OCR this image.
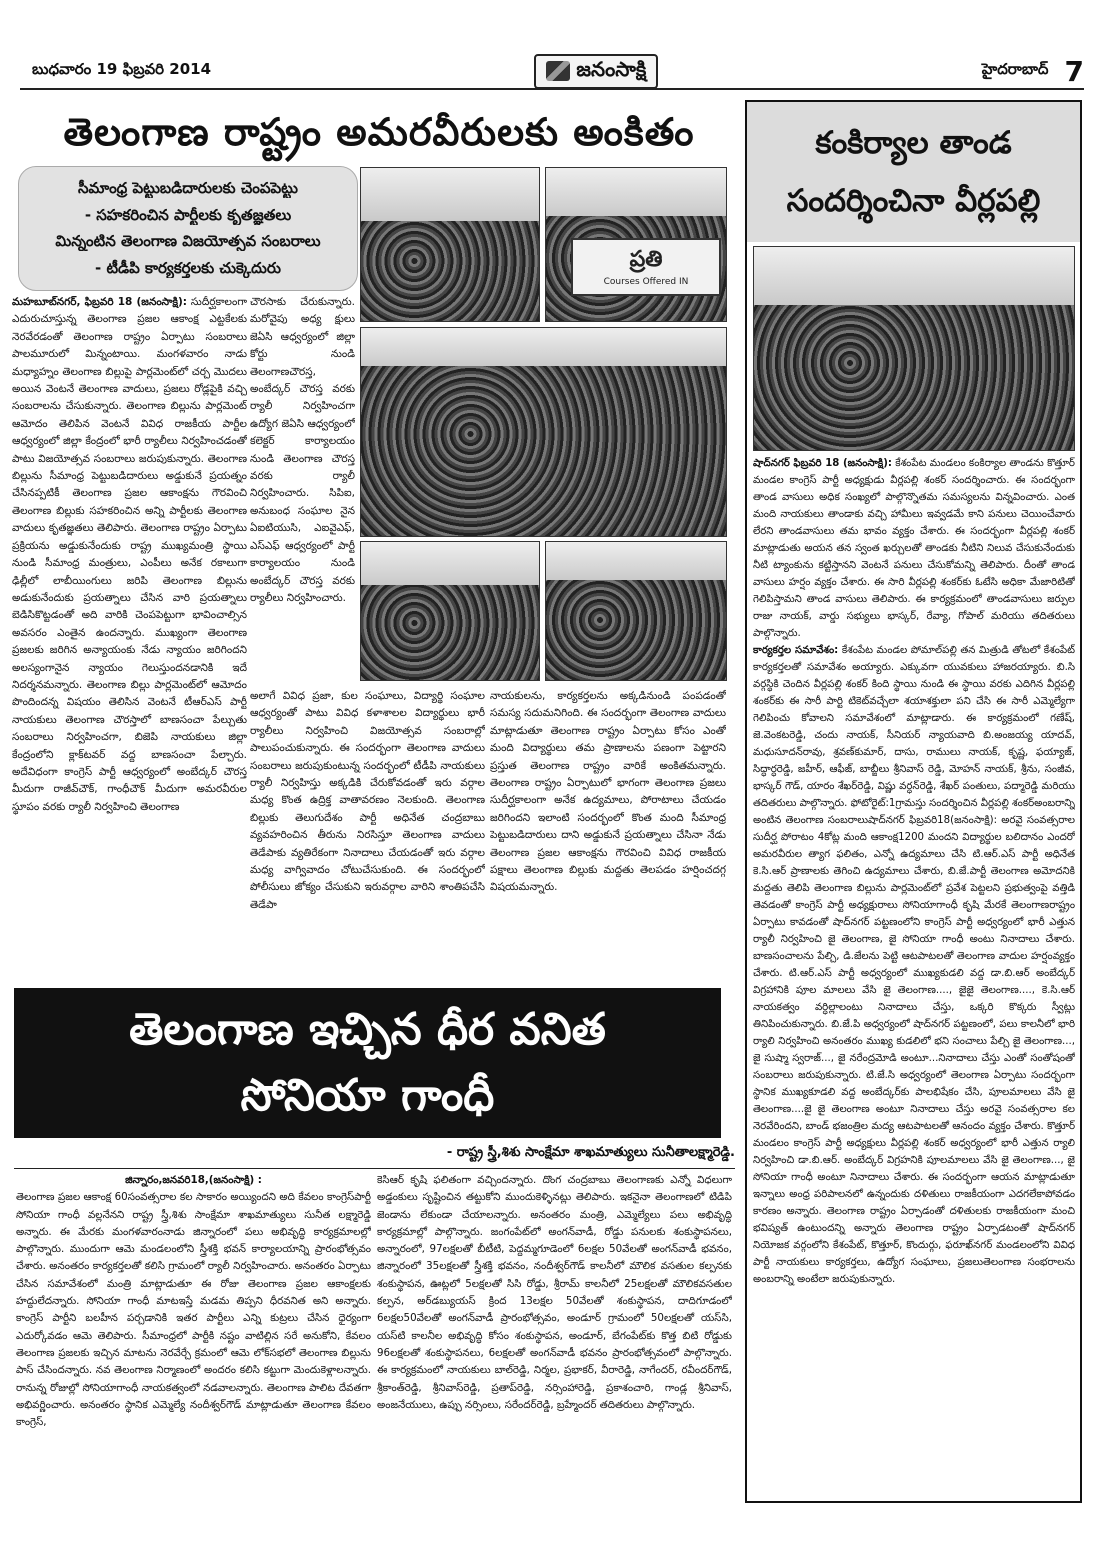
బుధవారం 19 ఫిబ్రవరి 2014	జనంసాక్షి	హైదరాబాద్ 7
తెలంగాణ రాష్ట్రం అమరవీరులకు అంకితం
సీమాంధ్ర పెట్టుబడిదారులకు చెంపపెట్టు
- సహకరించిన పార్టీలకు కృతజ్ఞతలు
మిన్నంటిన తెలంగాణ విజయోత్సవ సంబరాలు
- టీడీపి కార్యకర్తలకు చుక్కెదురు	ప్రతి
Courses Offered IN
మహబూబ్‌నగర్, ఫిబ్రవరి 18 (జనంసాక్షి): సుదీర్ఘకాలంగా ఎదురుచూస్తున్న తెలంగాణ ప్రజల ఆకాంక్ష ఎట్టకేలకు నెరవేరడంతో తెలంగాణ రాష్ట్రం ఏర్పాటు సంబరాలు పాలమూరులో మిన్నంటాయి. మంగళవారం నాడు మధ్యాహ్నం తెలంగాణ బిల్లుపై పార్లమెంట్‌లో చర్చ మొదలు అయిన వెంటనే తెలంగాణ వాదులు, ప్రజలు రోడ్లపైకి వచ్చి సంబరాలను చేసుకున్నారు. తెలంగాణ బిల్లును పార్లమెంట్ ఆమోదం తెలిపిన వెంటనే వివిధ రాజకీయ పార్టీల ఆధ్వర్యంలో జిల్లా కేంద్రంలో భారీ ర్యాలీలు నిర్వహించడంతో పాటు విజయోత్సవ సంబరాలు జరుపుకున్నారు. తెలంగాణ బిల్లును సీమాంధ్ర పెట్టుబడిదారులు అడ్డుకునే ప్రయత్నం చేసినప్పటికీ తెలంగాణ ప్రజల ఆకాంక్షను గౌరవించి తెలంగాణ బిల్లుకు సహకరించిన అన్ని పార్టీలకు తెలంగాణ వాదులు కృతజ్ఞతలు తెలిపారు. తెలంగాణ రాష్ట్రం ఏర్పాటు ప్రక్రియను అడ్డుకునేందుకు రాష్ట్ర ముఖ్యమంత్రి స్థాయి నుండి సీమాంధ్ర మంత్రులు, ఎంపీలు అనేక రకాలుగా ఢిల్లీలో లాబీయింగులు జరిపి తెలంగాణ బిల్లును అడుకునేందుకు ప్రయత్నాలు చేసిన వారి ప్రయత్నాలు బెడిసికొట్టడంతో అది వారికి చెంపపెట్టుగా భావించాల్సిన అవసరం ఎంతైన ఉందన్నారు. ముఖ్యంగా తెలంగాణ ప్రజలకు జరిగిన అన్యాయంకు నేడు న్యాయం జరిగిందని అలస్యంగానైన న్యాయం గెలుస్తుందనడానికి ఇదే నిదర్శనమన్నారు. తెలంగాణ బిల్లు పార్లమెంట్‌లో ఆమోదం పొందిందన్న విషయం తెలిసిన వెంటనే టీఆర్ఎస్ పార్టీ నాయకులు తెలంగాణ చౌరస్తాలో బాణసంచా పేల్చుతు సంబరాలు నిర్వహించగా, బిజెపి నాయకులు జిల్లా కేంద్రంలోని క్లాక్‌టవర్ వద్ద బాణసంచా పేల్చారు. అదేవిధంగా కాంగ్రెస్ పార్టీ ఆధ్వర్యంలో అంబేద్కర్ చౌరస్త మీదుగా రాజీవ్‌చౌక్, గాంధీచౌక్ మీదుగా అమరవీరుల స్థూపం వరకు ర్యాలీ నిర్వహించి తెలంగాణ
చౌరసాకు చేరుకున్నారు. మరోవైపు అధ్య క్షులు జెఏసి ఆధ్వర్యంలో జిల్లా కోర్టు నుండి తెలంగాణచౌరస్త, అంబేద్కర్ చౌరస్త వరకు ర్యాలీ నిర్వహించగా ఉద్యోగ జెఏసి ఆధ్వర్యంలో కలెక్టర్ కార్యాలయం నుండి తెలంగాణ చౌరస్త వరకు ర్యాలీ నిర్వహించారు. సిపిఐ, అనుబంధ సంఘాల నైన ఏఐటియుసి, ఎఐవైఎఫ్, ఎస్ఎఫ్ ఆధ్వర్యంలో పార్టీ కార్యాలయం నుండి అంబేద్కర్ చౌరస్త వరకు ర్యాలీలు నిర్వహించారు.
అలాగే వివిధ ప్రజా, కుల సంఘాలు, విద్యార్థి సంఘాల ఆధ్వర్యంతో పాటు వివిధ కళాశాలల విద్యార్థులు భారీ ర్యాలీలు నిర్వహించి విజయోత్సవ సంబరాల్లో పాలుపంచుకున్నారు. ఈ సందర్భంగా తెలంగాణ వాదులు సంబరాలు జరుపుకుంటున్న సందర్భంలో టీడీపి నాయకులు ర్యాలీ నిర్వహిస్తు అక్కడికి చేరుకోవడంతో ఇరు వర్గాల మధ్య కొంత ఉద్రిక్త వాతావరణం నెలకుంది. తెలంగాణ బిల్లుకు తెలుగుదేశం పార్టీ అధినేత చంద్రబాబు వ్యవహరించిన తీరును నిరసిస్తూ తెలంగాణ వాదులు తెడేపాకు వ్యతిరేకంగా నినాదాలు చేయడంతో ఇరు వర్గాల మధ్య వాగ్వివాదం చోటుచేసుకుంది. ఈ సందర్భంలో పోలీసులు జోక్యం చేసుకుని ఇరువర్గాల వారిని శాంతిపచేసి తెడేపా
నాయకులను, కార్యకర్తలను అక్కడినుండి పంపడంతో సమస్య సదుమనిగింది. ఈ సందర్భంగా తెలంగాణ వాదులు మాట్లాడుతూ తెలంగాణ రాష్ట్రం ఏర్పాటు కోసం ఎంతో మంది విద్యార్థులు తమ ప్రాణాలను పణంగా పెట్టారని ప్రస్తుత తెలంగాణ రాష్ట్రం వారికే అంకితమన్నారు. తెలంగాణ రాష్ట్రం ఏర్పాటులో భాగంగా తెలంగాణ ప్రజలు సుదీర్ఘకాలంగా అనేక ఉద్యమాలు, పోరాటాలు చేయడం జరిగిందని ఇలాంటి సందర్భంలో కొంత మంది సీమాంధ్ర పెట్టుబడిదారులు దాని అడ్డుకునే ప్రయత్నాలు చేసినా నేడు తెలంగాణ ప్రజల ఆకాంక్షను గౌరవించి వివిధ రాజకీయ పక్షాలు తెలంగాణ బిల్లుకు మద్దతు తెలపడం హర్షించదగ్గ విషయమన్నారు.
కంకిర్యాల తాండ
సందర్శించినా వీర్లపల్లి
షాద్‌నగర్ ఫిబ్రవరి 18 (జనంసాక్షి): కేశంపేట మండలం కంకిర్యాల తాండను కొత్తూర్ మండల కాంగ్రెస్ పార్టీ అధ్యక్షుడు వీర్లపల్లి శంకర్ సందర్శించారు. ఈ సందర్భంగా తాండ వాసులు అధిక సంఖ్యలో పాల్గొన్నొతమ సమస్యలను విన్నవించారు. ఎంత మంది నాయకులు తాండాకు వచ్చి హామీలు ఇవ్వడమే కాని పనులు చెయించేవారు లేరని తాండవాసులు తమ భావం వ్యక్తం చేశారు. ఈ సందర్భంగా వీర్లపల్లి శంకర్ మాట్లాడుతు అయన తన స్వంత ఖర్చులతో తాండకు నీటిని నిలువ చేసుకునేందుకు నీటి ట్యాంకును కట్టిస్తానని వెంటనే పనులు చేసుకోమన్ని తెలిపారు. దీంతో తాండ వాసులు హర్షం వ్యక్తం చేశారు. ఈ సారి వీర్లపల్లి శంకర్‌కు ఓటేసి అధికా మేజారిటితో గెలిపిస్తామని తాండ వాసులు తెలిపారు. ఈ కార్యక్రమంలో తాండవాసులు జర్పుల రాజు నాయక్, వార్డు సభ్యులు భాస్కర్, రేవ్యా, గోపాల్ మరియు తదితరులు పాల్గొన్నారు.
కార్యకర్తల సమావేశం: కేశంపేట మండల పోమాల్‌పల్లి తన మిత్రుడి తోటలో కేశంపేట్ కార్యకర్తలతో సమావేశం అయ్యారు. ఎక్కువగా యువకులు హాజరయ్యారు. బి.సి వర్గస్థికి చెందిన వీర్లపల్లి శంకర్ కింది స్థాయి నుండి ఈ స్థాయి వరకు ఎదిగిన వీర్లపల్లి శంకర్‌కు ఈ సారీ పార్టి టికెట్‌వచ్చేలా శయాశక్తులా పని చేసి ఈ సారీ ఎమ్మెల్యేగా గెలిపించు కోవాలని సమావేశంలో మాట్లాడారు. ఈ కార్యక్రమంలో గణేష్, జె.వెంకటరెడ్డి, చందు నాయక్, సీనియర్ న్యాయవాది బి.అంజయ్య యాదవ్, మధుసూదన్‌రావు, శ్రవణ్‌కుమార్, దాసు, రాములు నాయక్, కృష్ణ, ఫయ్యాజ్, సిద్ధార్ధరెడ్డి, జహీర్, ఆఫీజ్, బాబ్జీలు శ్రీనివాస్ రెడ్డి, మోహన్ నాయక్, శ్రీను, సంజీవ, భాస్కర్ గౌడ్, యారం శేఖర్‌రెడ్డి, విష్ణు వర్ధన్‌రెడ్డి, శేఖర్ పంతులు, పద్మారెడ్డి మరియు తదితరులు పాల్గొన్నారు. ఫోటోరైట్:1గ్రామస్తు సందర్శించిన వీర్లపల్లి శంకర్‌అంబరాన్ని అంటిన తెలంగాణ సంబరాలుషాద్‌నగర్ ఫిబ్రవరి18(జనంసాక్షి): అరవై సంవత్సరాల సుదీర్ఘ పోరాటం 4కోట్ల మంది ఆకాంక్ష1200 మందని విద్యార్థుల బలిదానం ఎందరో అమరవీరుల త్యాగ ఫలితం, ఎన్నో ఉద్యమాలు చేసి టి.ఆర్.ఎస్ పార్టీ అధినేత కె.సి.ఆర్ ప్రాణాలకు తెగించి ఉద్యమాలు చేశారు, బి.జే.పార్టీ తెలంగాణ అమోదనికి మద్దతు తెలిపి తెలంగాణ బిల్లును పార్లమెంట్‌లో ప్రవేశ పెట్టలని ప్రభుత్వంపై వత్తిడి తెవడంతో కాంగ్రెస్ పార్టీ అధ్యక్షురాలు సోనియాగాంధీ కృషి మేరకే తెలంగాణరాష్ట్రం ఏర్పాటు కావడంతో షాద్‌నగర్ పట్టణంలోని కాంగ్రెస్ పార్టీ అధ్వర్యంలో భారీ ఎత్తున ర్యాలీ నిర్వహించి జై తెలంగాణ, జై సోనియా గాంధీ అంటు నినాదాలు చేశారు. బాణసంచాలను పేల్చి, డి.జేలను పెట్టి ఆటపాటలతో తెలంగాణ వాదుల హర్షంవ్యక్తం చేశారు. టి.ఆర్.ఎస్ పార్టీ అధ్వర్యంలో ముఖ్యకుడలి వద్ద డా.బి.ఆర్ అంబేద్కర్ విగ్రహానికి పూల మాలలు వేసి జై తెలంగాణ...., జైజై తెలంగాణ...., కె.సి.ఆర్ నాయకత్వం వర్ధిల్లాలంటు నినాదాలు చేస్తు, ఒక్కరి కొక్కరు స్వీట్లు తినిపించుకున్నారు. బి.జే.పి అధ్వర్యంలో షాద్‌నగర్ పట్టణంలో, పలు కాలనీలో భారి ర్యాలి నిర్వహించి అనంతరం ముఖ్య కుడలిలో భని సంచాలు పేల్చి జై తెలంగాణ..., జై సుష్మా స్వరాజ్..., జై నరేంద్రమోడి అంటూ...నినాదాలు చేస్తు ఎంతో సంతోషంతో సంబరాలు జరుపుకున్నారు. టి.జే.సి అధ్వర్యంలో తెలంగాణ ఏర్పాటు సందర్భంగా స్థానిక ముఖ్యకూడలి వద్ద అంబేద్కర్‌కు పాలభిషేకం చేసి, పూలమాలలు వేసి జై తెలంగాణ....జై జై తెలంగాణ అంటూ నినాదాలు చేస్తు అరవై సంవత్సరాల కల నెరవేరిందని, బాండ్ భజంత్రిల మద్య ఆటపాటలతో ఆనందం వ్యక్తం చేశారు. కొత్తూర్ మండలం కాంగ్రెస్ పార్టీ అధ్యక్షులు వీర్లపల్లి శంకర్ అధ్వర్యంలో భారీ ఎత్తున ర్యాలి నిర్వహించి డా.బి.ఆర్. అంబేద్కర్ విగ్రహనికి పూలమాలలు వేసి జై తెలంగాణ..., జై సోనియా గాంధీ అంటూ నినాదాలు చేశారు. ఈ సందర్భంగా ఆయన మాట్లాడుతూ ఇన్నాలు అంధ్ర పరిపాలనలో ఉన్నందుకు దళితులు రాజకీయంగా ఎదగలేకాపోవడం కారణం అన్నారు. తెలంగాణ రాష్ట్రం ఏర్పాడంతో దళితులకు రాజకీయంగా మంచి భవిష్యత్ ఉంటుందన్ని అన్నారు తెలంగాణ రాష్ట్రం ఏర్పాడటంతో షాద్‌నగర్ నియోజక వర్గంలోని కేశంపేట్, కొత్తూర్, కొందుర్గు, ఫరూఖ్‌నగర్ మండలంలోని వివిధ పార్టీ నాయకులు కార్యకర్తలు, ఉద్యోగ సంఘాలు, ప్రజలుతెలంగాణ సంభరాలను అంబరాన్ని అంటేలా జరుపుకున్నారు.
తెలంగాణ ఇచ్చిన ధీర వనిత
సోనియా గాంధీ
- రాష్ట్ర స్త్రీ,శిశు సాంక్షేమా శాఖమాత్యులు సునీతాలక్ష్మారెడ్డి.
జిన్నారం,జనవరి18,(జనంసాక్షి) :
తెలంగాణ ప్రజల ఆకాంక్ష 60సంవత్సరాల కల సాకారం అయ్యిందని అది కేవలం కాంగ్రెస్‌పార్టీ సోనియా గాంధీ వల్లనేనని రాష్ట్ర స్త్రీ,శిశు సాంక్షేమా శాఖమాత్యులు సునీత లక్ష్మారెడ్డి అన్నారు. ఈ మేరకు మంగళవారంనాడు జిన్నారంలో పలు అభివృద్ధి కార్యక్రమాలల్లో పాల్గొన్నారు. ముందుగా ఆమె మండలంలోని స్త్రీశక్తి భవన్ కార్యాలయాన్ని ప్రారంభోత్సవం చేశారు. అనంతరం కార్యకర్తలతో కలిసి గ్రామంలో ర్యాలీ నిర్వహించారు. అనంతరం ఏర్పాటు చేసిన సమావేశంలో మంత్రి మాట్లాడుతూ ఈ రోజు తెలంగాణ ప్రజల ఆకాంక్షలకు హద్దులేదన్నారు. సోనియా గాంధీ మాటఇస్తే మడమ తిప్పని ధీరవనిత అని అన్నారు. కాంగ్రెస్ పార్టీని బలహీన పర్చడానికి ఇతర పార్టీలు ఎన్ని కుట్రలు చేసిన ధైర్యంగా ఎదుర్కోవడం ఆమె తెలిపారు. సీమాంధ్రలో పార్టీకి నష్టం వాటిల్లిన సరే అనుకోని, కేవలం తెలంగాణ ప్రజలకు ఇచ్చిన మాటను నెరవేర్చే క్రమంలో ఆమె లోక్‌సభలో తెలంగాణ బిల్లును పాస్ చేసిందన్నారు. నవ తెలంగాణ నిర్మాణంలో అందరం కలిసి కట్టుగా మెందుకెళ్లాలన్నారు. రానున్న రోజుల్లో సోనియాగాంధీ నాయకత్వంలో నడవాలన్నారు. తెలంగాణ పాలిట దేవతగా అభివర్ణించారు. అనంతరం స్థానిక ఎమ్మెల్యే నందీశ్వర్‌గౌడ్ మాట్లాడుతూ తెలంగాణ కేవలం కాంగ్రెస్,
కెసిఆర్ కృషి ఫలితంగా వచ్చిందన్నారు. దొంగ చంద్రబాబు తెలంగాణకు ఎన్నో విధలుగా అడ్డంకులు సృష్టించిన తట్టుకోని ముందుకెళ్ళినట్లు తెలిపారు. ఇకనైనా తెలంగాణలో టిడిపి జెండాను లేకుండా చేయాలన్నారు. అనంతరం మంత్రి, ఎమ్మెల్యేలు పలు అభివృద్ధి కార్యక్రమాల్లో పాల్గొన్నారు. జంగంపేట్‌లో అంగన్‌వాడీ, రోడ్డు పనులకు శంకుస్థాపనలు, అన్నారంలో, 97లక్షలతో బీటీటి, పెద్దమ్మగూడెంలో 6లక్షల 50వేలతో అంగన్‌వాడీ భవనం, జిన్నారంలో 35లక్షలతో స్త్రీశక్తి భవనం, నందీశ్వర్‌గౌడ్ కాలనీలో మౌలిక వసతుల కల్పనకు శంకుస్థాపన, ఊట్లలో 5లక్షలతో సిసి రోడ్డు, శ్రీరామ్ కాలనీలో 25లక్షలతో మౌలికవసతుల కల్పన, అర్‌డబ్యుయస్ క్రింద 13లక్షల 50వేలతో శంకుస్థాపన, దాదిగూడంలో 6లక్షల50వేలతో అంగన్‌వాడీ ప్రారంభోత్సవం, అండూర్ గ్రామంలో 50లక్షలతో యస్‌సి, యస్‌టి కాలనీల అభివృద్ధి కోసం శంకుస్థాపన, అండూర్, బేగంపేట్‌కు కొత్త బిటి రోడ్డుకు 96లక్షలతో శంకుస్థాపనలు, 6లక్షలతో అంగన్‌వాడీ భవనం ప్రారంభోత్సవంలో పాల్గొన్నారు. ఈ కార్యక్రమంలో నాయకులు బాల్‌రెడ్డి, నిర్మల, ప్రభాకర్, వీరారెడ్డి, నాగేందర్, రవీందర్‌గౌడ్, శ్రీకాంత్‌రెడ్డి, శ్రీనివాస్‌రెడ్డి, ప్రతాప్‌రెడ్డి, నర్సింహారెడ్డి, ప్రకాశంచారి, గాండ్ల శ్రీనివాస్, అంజనేయులు, ఉప్పు నర్సింలు, సరేందర్‌రెడ్డి, బ్రహ్మేందర్ తదితరులు పాల్గొన్నారు.
